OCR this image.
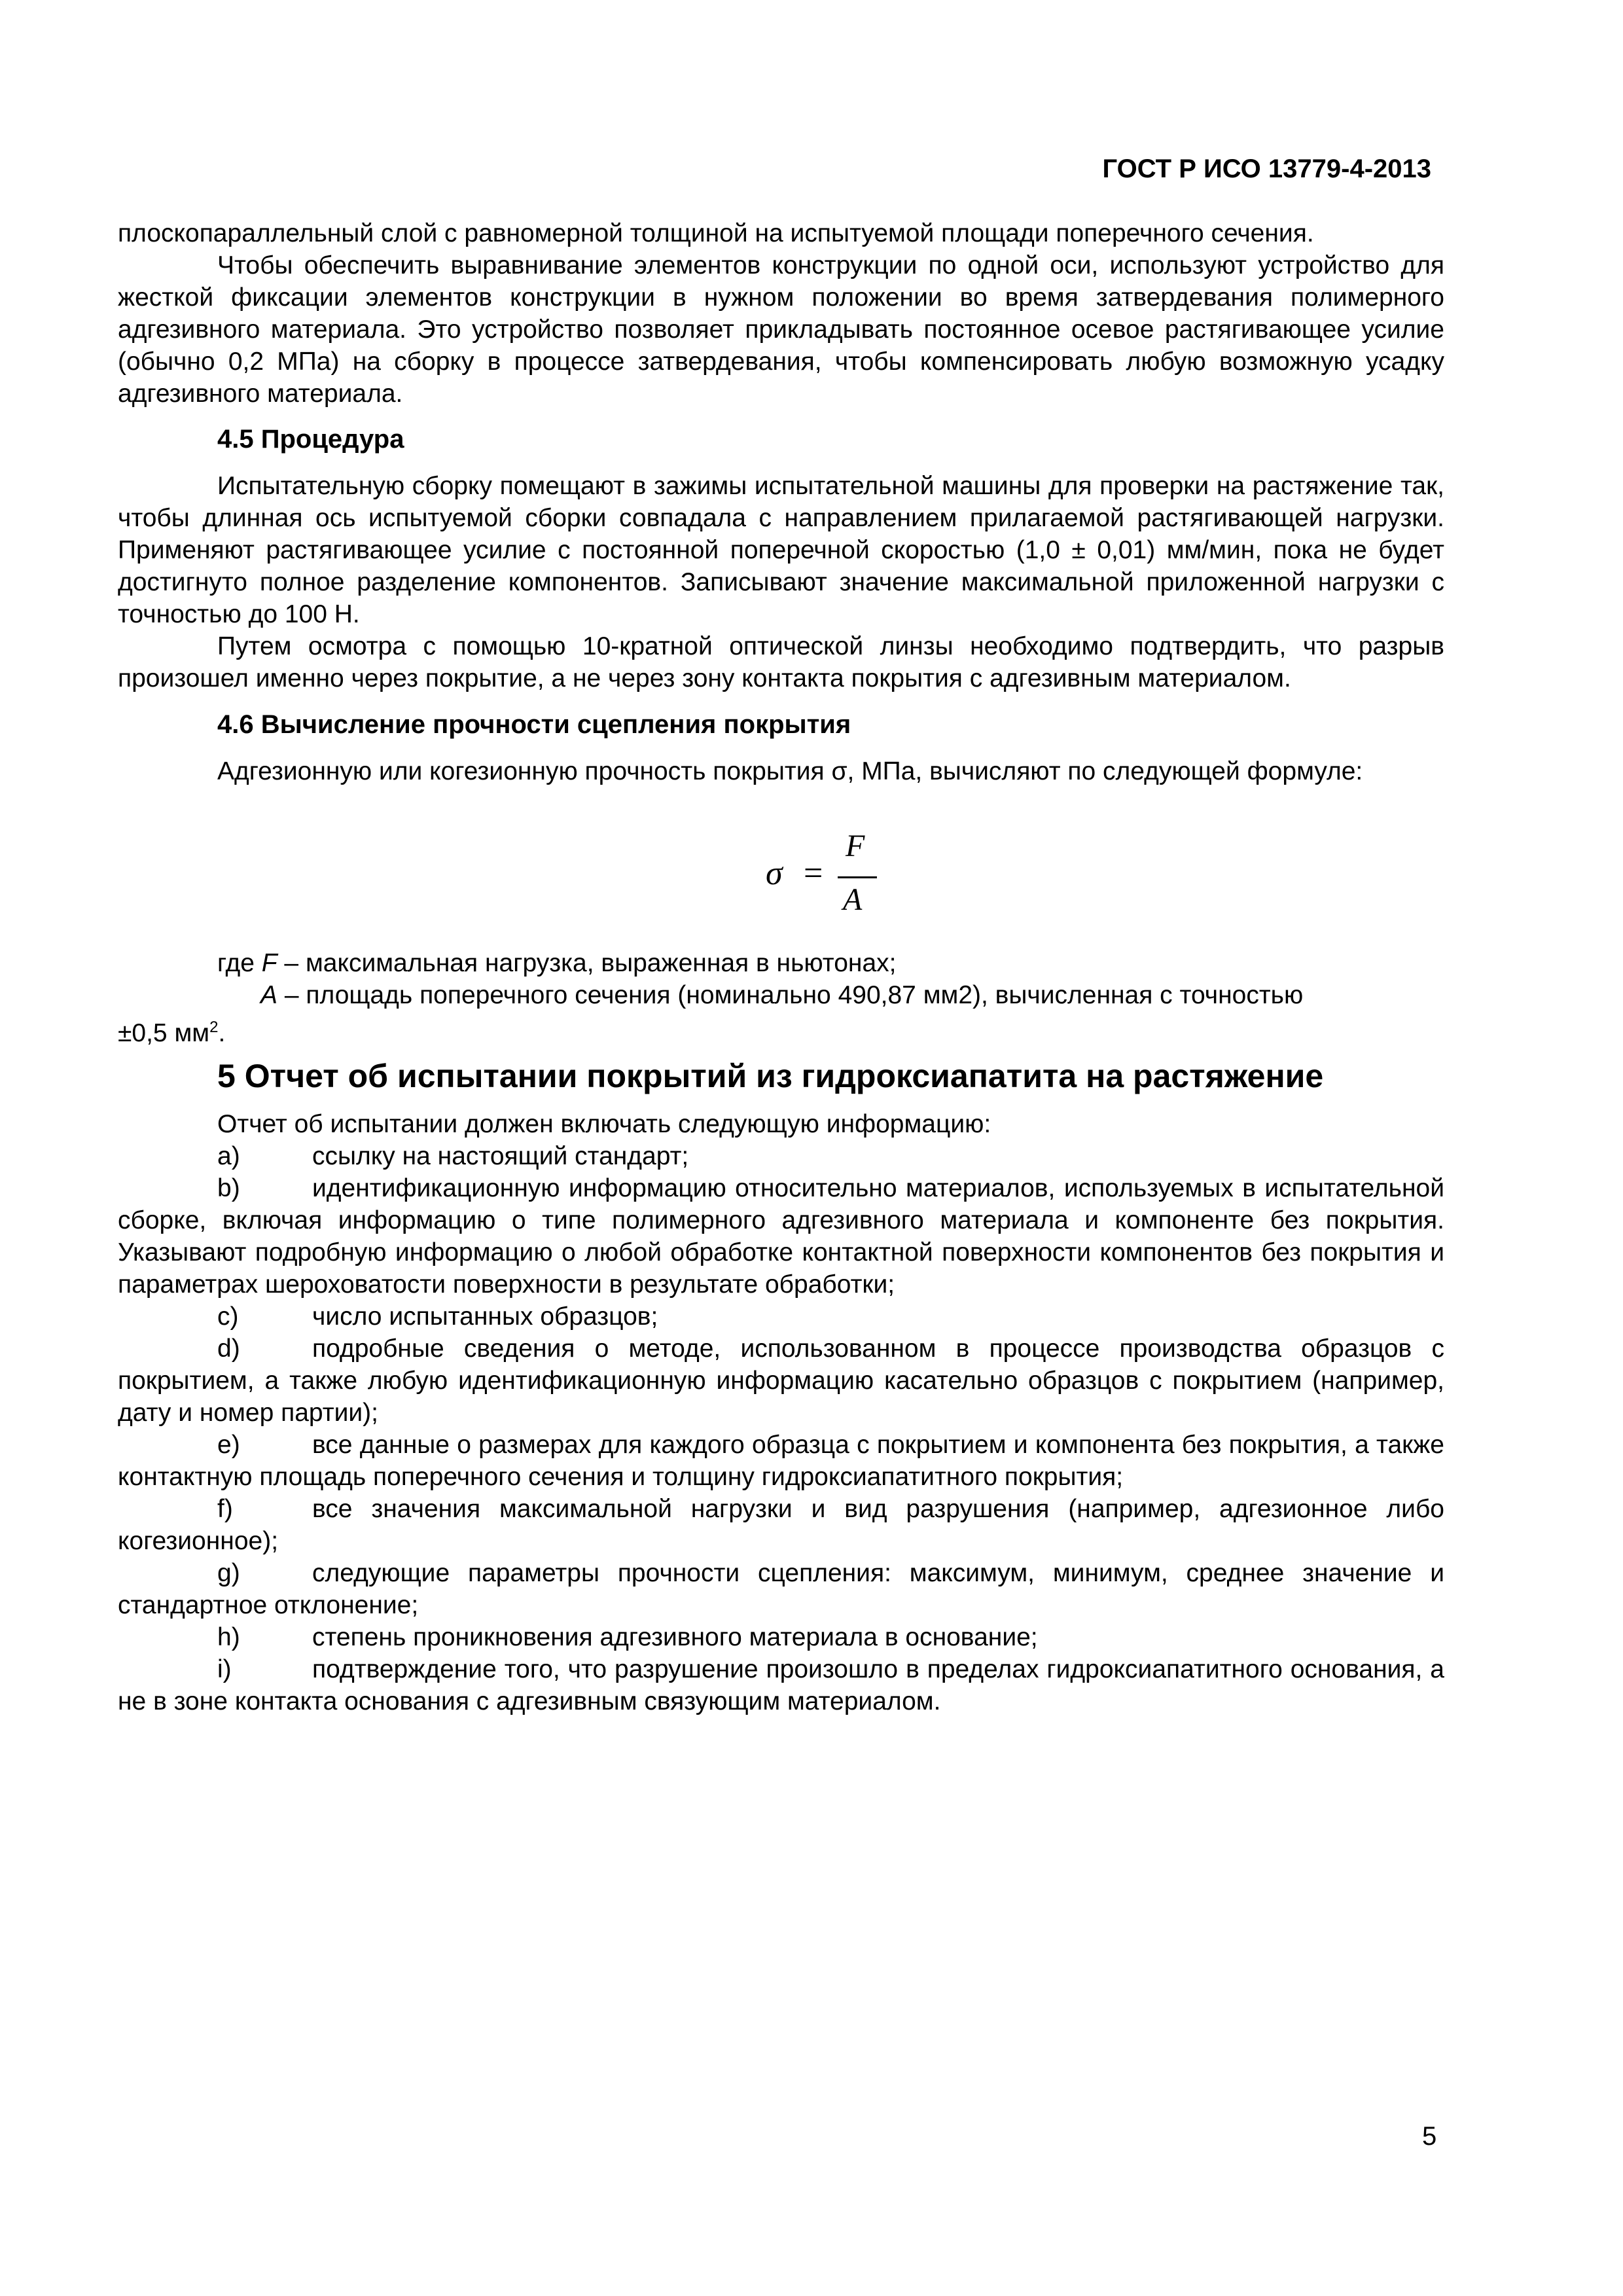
ГОСТ Р ИСО 13779-4-2013

плоскопараллельный слой с равномерной толщиной на испытуемой площади поперечного сечения.

Чтобы обеспечить выравнивание элементов конструкции по одной оси, используют устройство для жесткой фиксации элементов конструкции в нужном положении во время затвердевания полимерного адгезивного материала. Это устройство позволяет прикладывать постоянное осевое растягивающее усилие (обычно 0,2 МПа) на сборку в процессе затвердевания, чтобы компенсировать любую возможную усадку адгезивного материала.

4.5 Процедура

Испытательную сборку помещают в зажимы испытательной машины для проверки на растяжение так, чтобы длинная ось испытуемой сборки совпадала с направлением прилагаемой растягивающей нагрузки. Применяют растягивающее усилие с постоянной поперечной скоростью (1,0 ± 0,01) мм/мин, пока не будет достигнуто полное разделение компонентов. Записывают значение максимальной приложенной нагрузки с точностью до 100 Н.

Путем осмотра с помощью 10-кратной оптической линзы необходимо подтвердить, что разрыв произошел именно через покрытие, а не через зону контакта покрытия с адгезивным материалом.

4.6 Вычисление прочности сцепления покрытия

Адгезионную или когезионную прочность покрытия σ, МПа, вычисляют по следующей формуле:

σ =
F
A
где F – максимальная нагрузка, выраженная в ньютонах;
A – площадь поперечного сечения (номинально 490,87 мм2), вычисленная с точностью
±0,5 $мм^2$.
5 Отчет об испытании покрытий из гидроксиапатита на растяжение

Отчет об испытании должен включать следующую информацию:

a)	ссылку на настоящий стандарт;

b)	идентификационную информацию относительно материалов, используемых в испытательной сборке, включая информацию о типе полимерного адгезивного материала и компоненте без покрытия. Указывают подробную информацию о любой обработке контактной поверхности компонентов без покрытия и параметрах шероховатости поверхности в результате обработки;

c)	число испытанных образцов;

d)	подробные сведения о методе, использованном в процессе производства образцов с покрытием, а также любую идентификационную информацию касательно образцов с покрытием (например, дату и номер партии);

e)	все данные о размерах для каждого образца с покрытием и компонента без покрытия, а также контактную площадь поперечного сечения и толщину гидроксиапатитного покрытия;

f)	все значения максимальной нагрузки и вид разрушения (например, адгезионное либо когезионное);

g)	следующие параметры прочности сцепления: максимум, минимум, среднее значение и стандартное отклонение;

h)	степень проникновения адгезивного материала в основание;

i)	подтверждение того, что разрушение произошло в пределах гидроксиапатитного основания, а не в зоне контакта основания с адгезивным связующим материалом.

5
